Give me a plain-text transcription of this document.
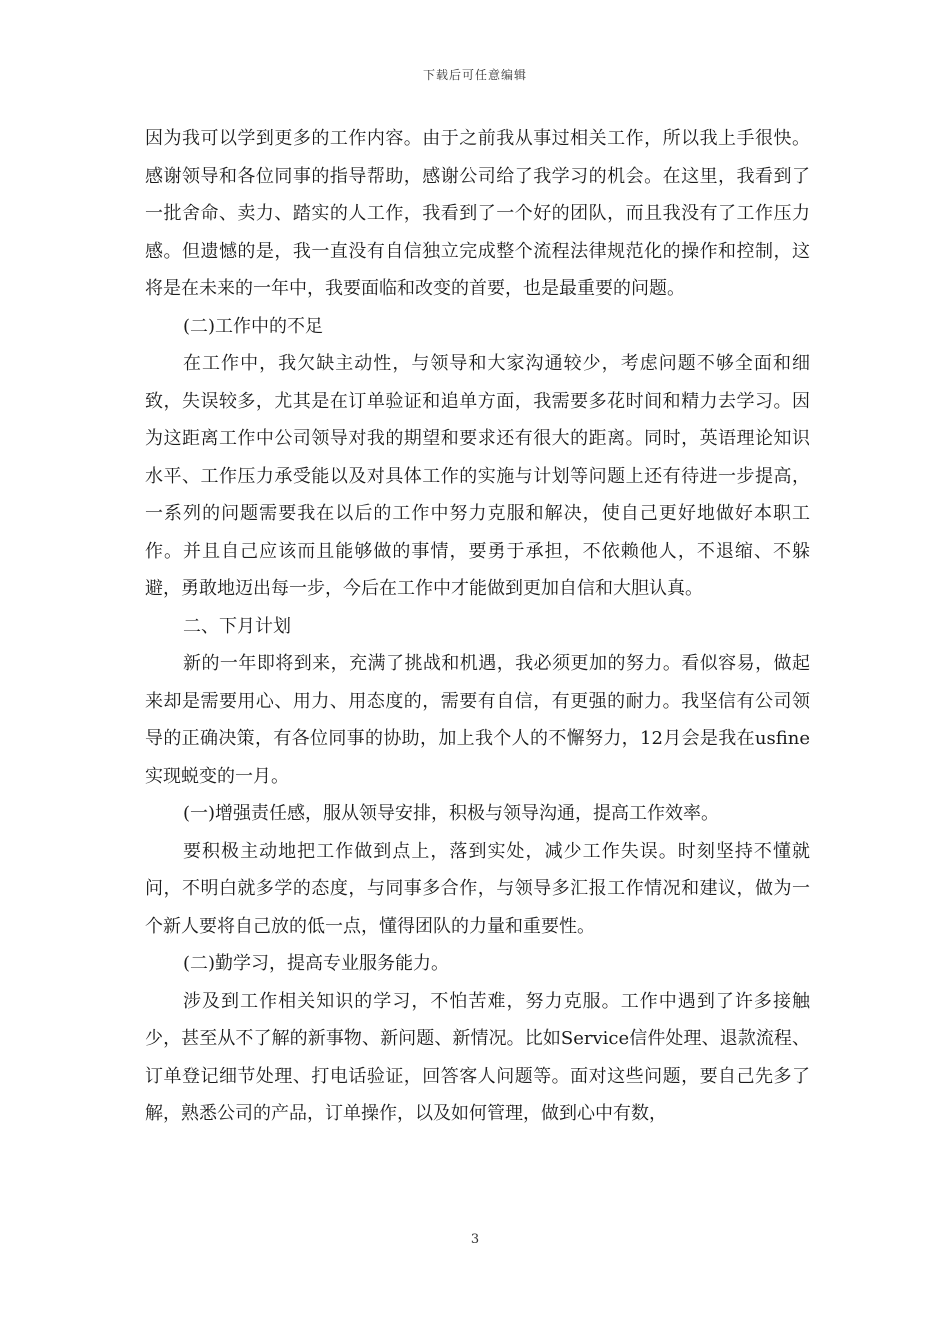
下载后可任意编辑

因为我可以学到更多的工作内容。由于之前我从事过相关工作，所以我上手很快。感谢领导和各位同事的指导帮助，感谢公司给了我学习的机会。在这里，我看到了一批舍命、卖力、踏实的人工作，我看到了一个好的团队，而且我没有了工作压力感。但遗憾的是，我一直没有自信独立完成整个流程法律规范化的操作和控制，这将是在未来的一年中，我要面临和改变的首要，也是最重要的问题。

(二)工作中的不足

在工作中，我欠缺主动性，与领导和大家沟通较少，考虑问题不够全面和细致，失误较多，尤其是在订单验证和追单方面，我需要多花时间和精力去学习。因为这距离工作中公司领导对我的期望和要求还有很大的距离。同时，英语理论知识水平、工作压力承受能以及对具体工作的实施与计划等问题上还有待进一步提高，一系列的问题需要我在以后的工作中努力克服和解决，使自己更好地做好本职工作。并且自己应该而且能够做的事情，要勇于承担，不依赖他人，不退缩、不躲避，勇敢地迈出每一步，今后在工作中才能做到更加自信和大胆认真。

二、下月计划

新的一年即将到来，充满了挑战和机遇，我必须更加的努力。看似容易，做起来却是需要用心、用力、用态度的，需要有自信，有更强的耐力。我坚信有公司领导的正确决策，有各位同事的协助，加上我个人的不懈努力，12月会是我在usfine实现蜕变的一月。

(一)增强责任感，服从领导安排，积极与领导沟通，提高工作效率。

要积极主动地把工作做到点上，落到实处，减少工作失误。时刻坚持不懂就问，不明白就多学的态度，与同事多合作，与领导多汇报工作情况和建议，做为一个新人要将自己放的低一点，懂得团队的力量和重要性。

(二)勤学习，提高专业服务能力。

涉及到工作相关知识的学习，不怕苦难，努力克服。工作中遇到了许多接触少，甚至从不了解的新事物、新问题、新情况。比如Service信件处理、退款流程、订单登记细节处理、打电话验证，回答客人问题等。面对这些问题，要自己先多了解，熟悉公司的产品，订单操作，以及如何管理，做到心中有数，

3
